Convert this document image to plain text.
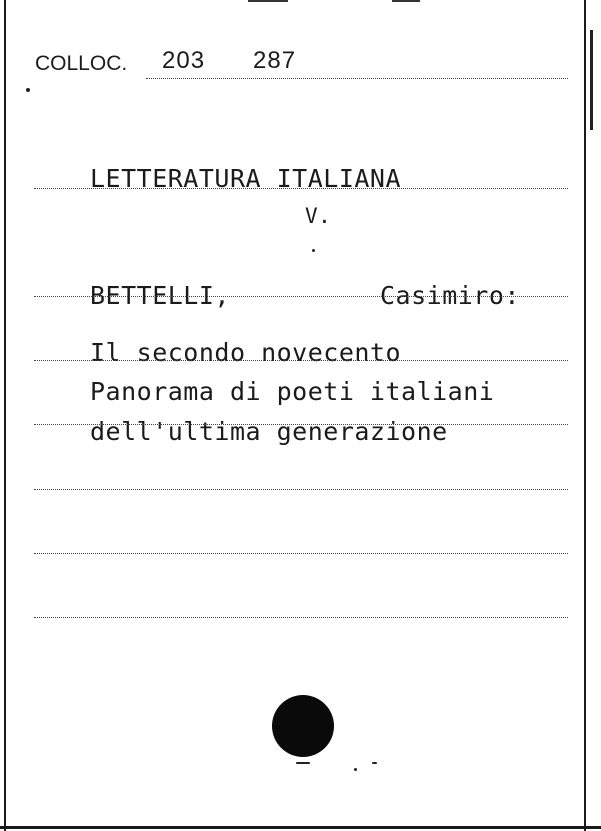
COLLOC. 203 287
LETTERATURA ITALIANA
V.
BETTELLI,	Casimiro:
Il secondo novecento
Panorama di poeti italiani
dell'ultima generazione
